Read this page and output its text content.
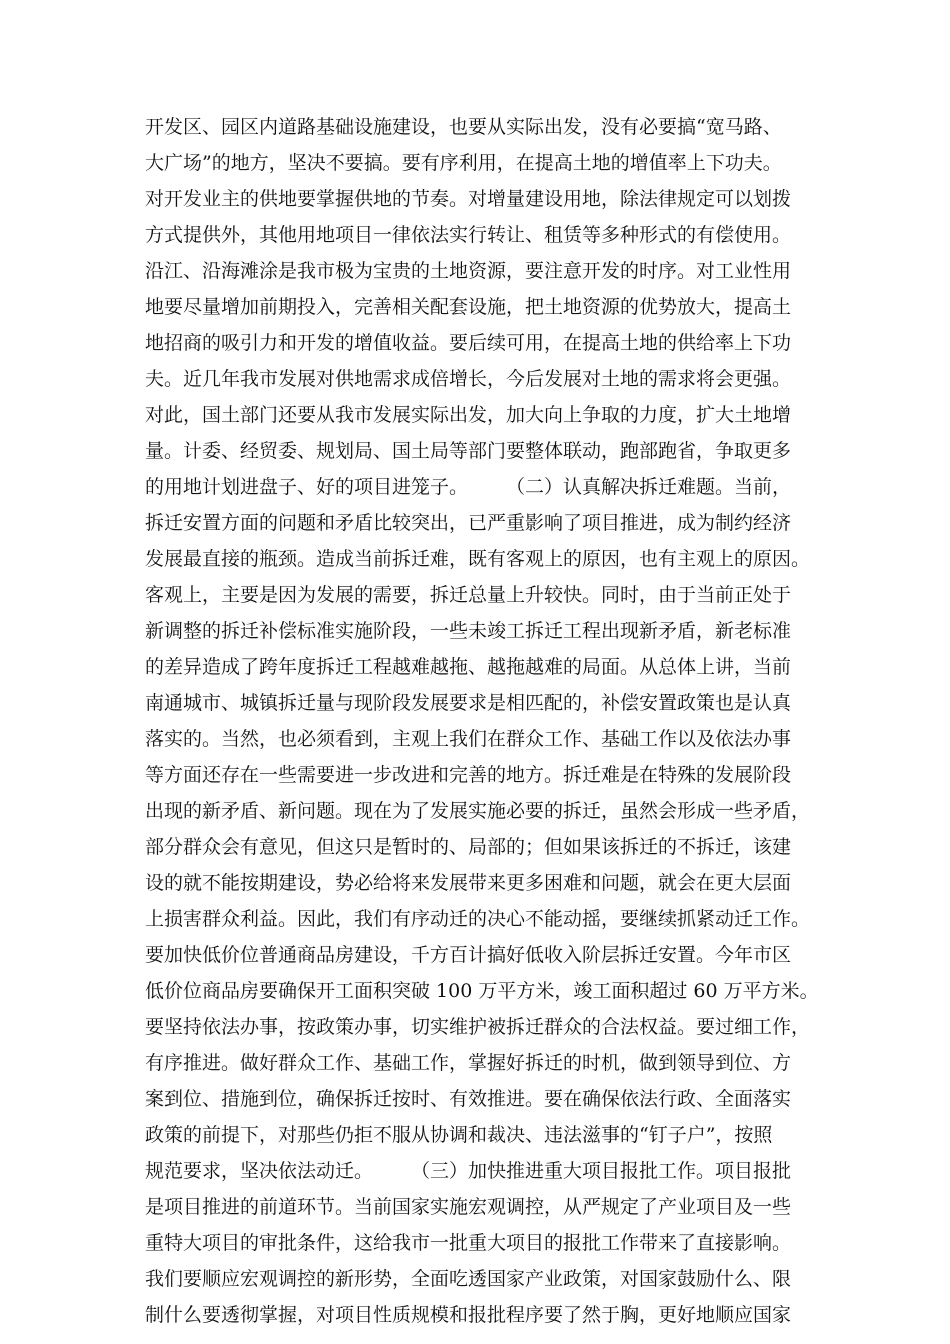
开发区、园区内道路基础设施建设，也要从实际出发，没有必要搞“宽马路、
大广场”的地方，坚决不要搞。要有序利用，在提高土地的增值率上下功夫。
对开发业主的供地要掌握供地的节奏。对增量建设用地，除法律规定可以划拨
方式提供外，其他用地项目一律依法实行转让、租赁等多种形式的有偿使用。
沿江、沿海滩涂是我市极为宝贵的土地资源，要注意开发的时序。对工业性用
地要尽量增加前期投入，完善相关配套设施，把土地资源的优势放大，提高土
地招商的吸引力和开发的增值收益。要后续可用，在提高土地的供给率上下功
夫。近几年我市发展对供地需求成倍增长，今后发展对土地的需求将会更强。
对此，国土部门还要从我市发展实际出发，加大向上争取的力度，扩大土地增
量。计委、经贸委、规划局、国土局等部门要整体联动，跑部跑省，争取更多
的用地计划进盘子、好的项目进笼子。　　　（二）认真解决拆迁难题。当前，
拆迁安置方面的问题和矛盾比较突出，已严重影响了项目推进，成为制约经济
发展最直接的瓶颈。造成当前拆迁难，既有客观上的原因，也有主观上的原因。
客观上，主要是因为发展的需要，拆迁总量上升较快。同时，由于当前正处于
新调整的拆迁补偿标准实施阶段，一些未竣工拆迁工程出现新矛盾，新老标准
的差异造成了跨年度拆迁工程越难越拖、越拖越难的局面。从总体上讲，当前
南通城市、城镇拆迁量与现阶段发展要求是相匹配的，补偿安置政策也是认真
落实的。当然，也必须看到，主观上我们在群众工作、基础工作以及依法办事
等方面还存在一些需要进一步改进和完善的地方。拆迁难是在特殊的发展阶段
出现的新矛盾、新问题。现在为了发展实施必要的拆迁，虽然会形成一些矛盾，
部分群众会有意见，但这只是暂时的、局部的；但如果该拆迁的不拆迁，该建
设的就不能按期建设，势必给将来发展带来更多困难和问题，就会在更大层面
上损害群众利益。因此，我们有序动迁的决心不能动摇，要继续抓紧动迁工作。
要加快低价位普通商品房建设，千方百计搞好低收入阶层拆迁安置。今年市区
低价位商品房要确保开工面积突破 100 万平方米，竣工面积超过 60 万平方米。
要坚持依法办事，按政策办事，切实维护被拆迁群众的合法权益。要过细工作，
有序推进。做好群众工作、基础工作，掌握好拆迁的时机，做到领导到位、方
案到位、措施到位，确保拆迁按时、有效推进。要在确保依法行政、全面落实
政策的前提下，对那些仍拒不服从协调和裁决、违法滋事的“钉子户”，按照
规范要求，坚决依法动迁。　　　（三）加快推进重大项目报批工作。项目报批
是项目推进的前道环节。当前国家实施宏观调控，从严规定了产业项目及一些
重特大项目的审批条件，这给我市一批重大项目的报批工作带来了直接影响。
我们要顺应宏观调控的新形势，全面吃透国家产业政策，对国家鼓励什么、限
制什么要透彻掌握，对项目性质规模和报批程序要了然于胸，更好地顺应国家
